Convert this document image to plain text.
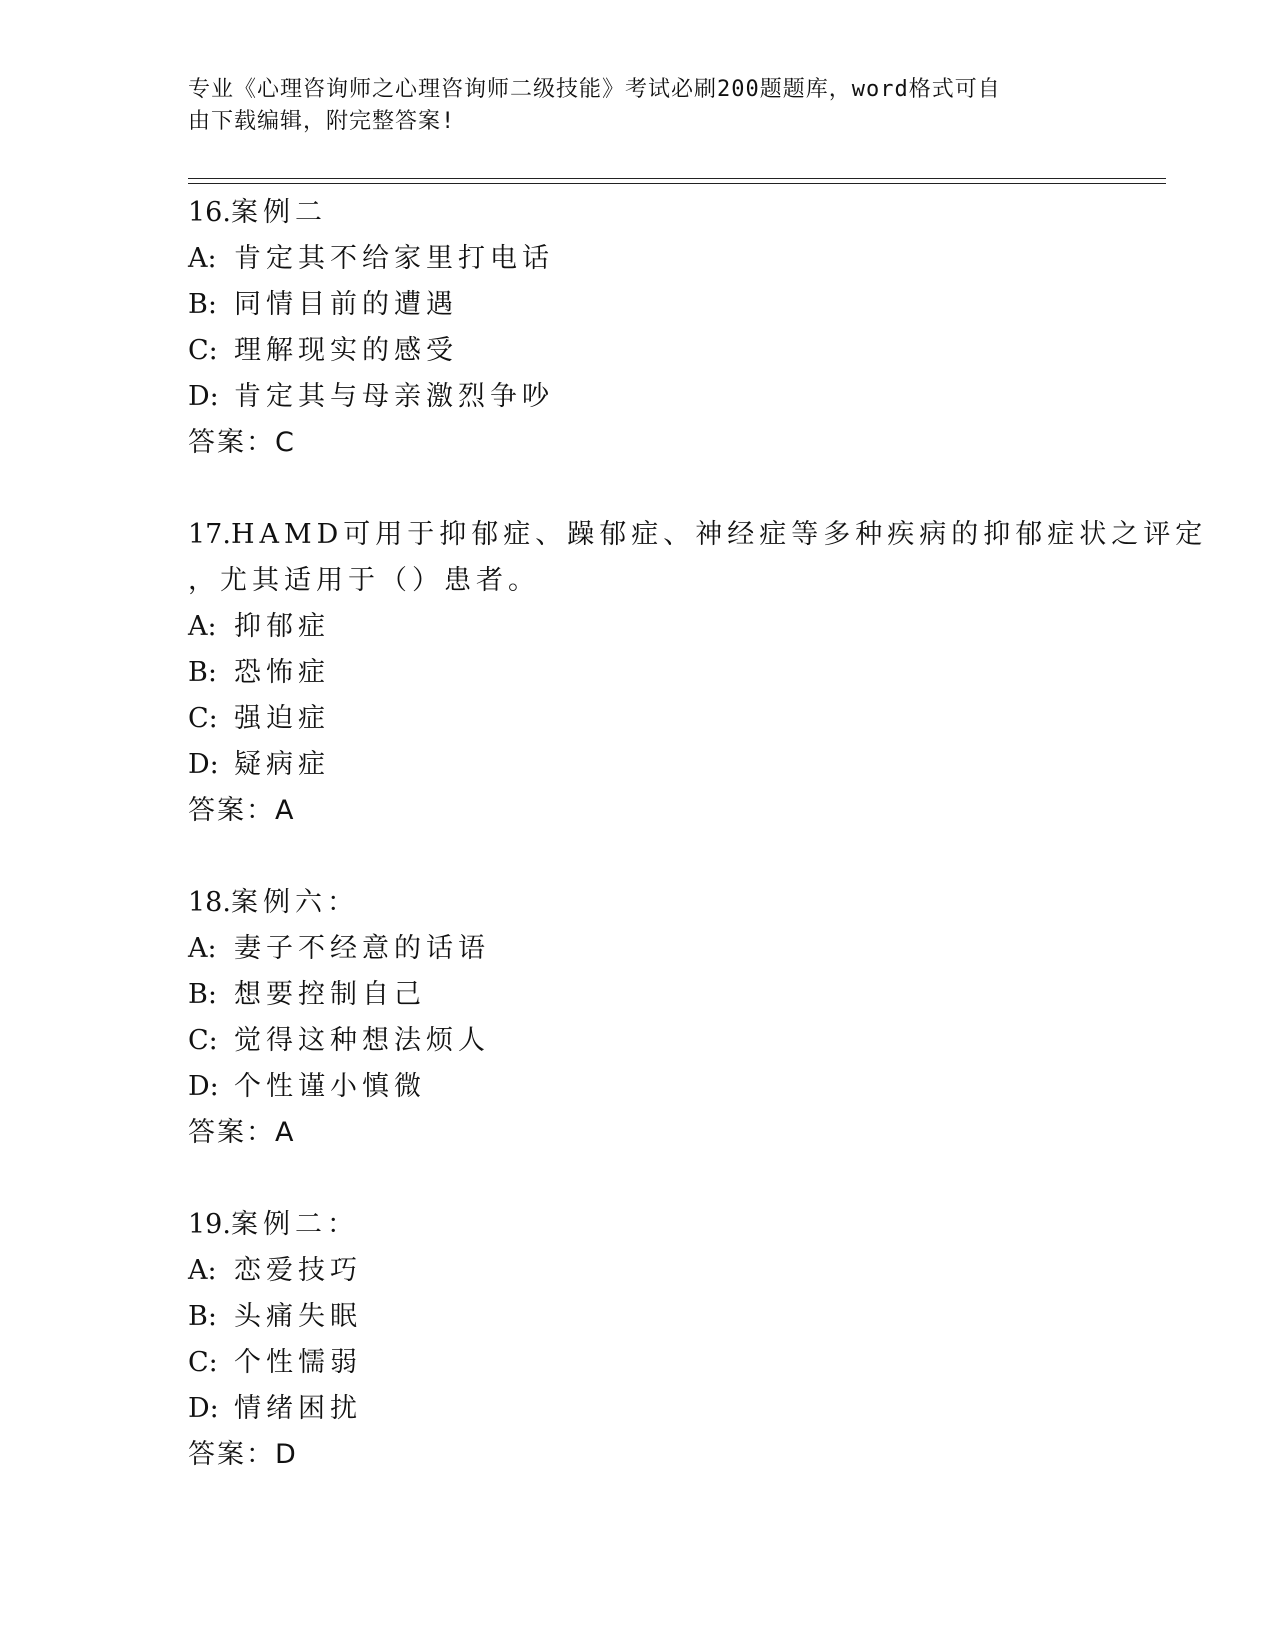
专业《心理咨询师之心理咨询师二级技能》考试必刷200题题库，word格式可自
由下载编辑，附完整答案!
16.案例二
A: 肯定其不给家里打电话
B: 同情目前的遭遇
C: 理解现实的感受
D: 肯定其与母亲激烈争吵
答案：C
17.HAMD可用于抑郁症、躁郁症、神经症等多种疾病的抑郁症状之评定
，尤其适用于（）患者。
A: 抑郁症
B: 恐怖症
C: 强迫症
D: 疑病症
答案：A
18.案例六：
A: 妻子不经意的话语
B: 想要控制自己
C: 觉得这种想法烦人
D: 个性谨小慎微
答案：A
19.案例二：
A: 恋爱技巧
B: 头痛失眠
C: 个性懦弱
D: 情绪困扰
答案：D
